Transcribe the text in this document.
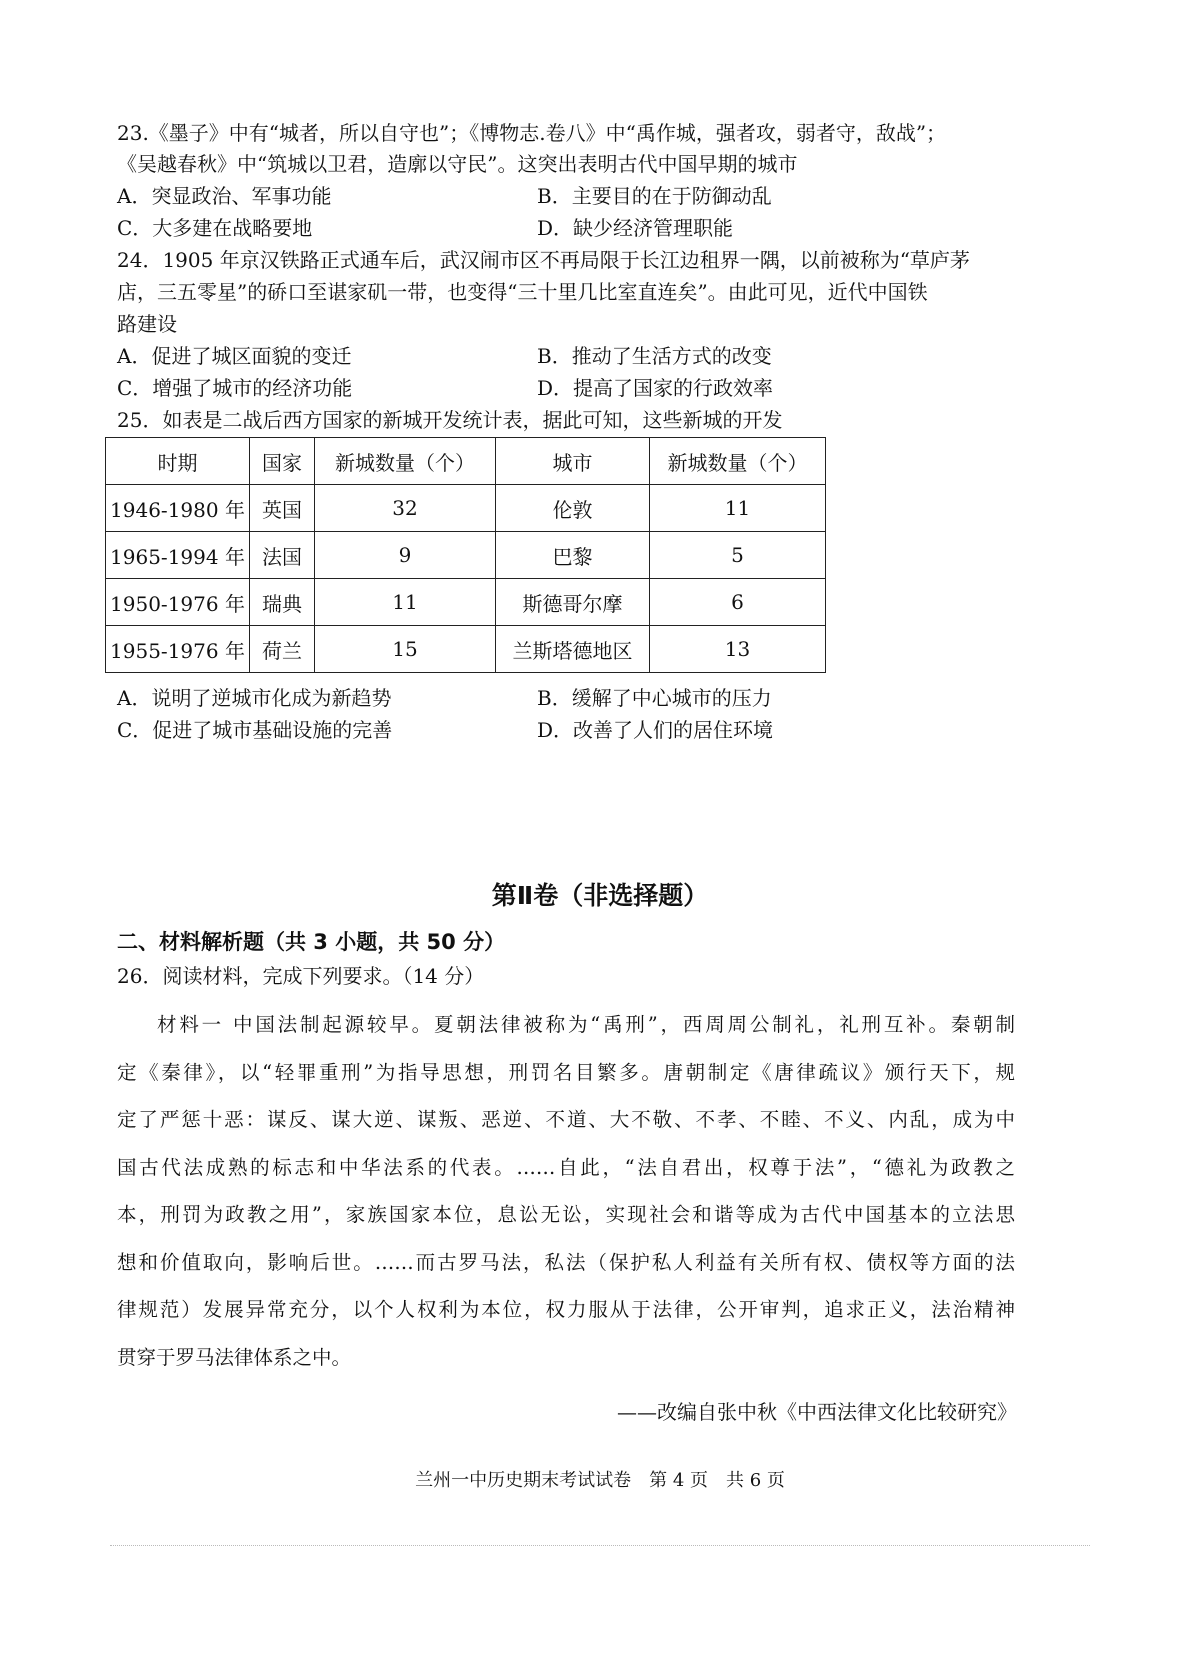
23.《墨子》中有“城者，所以自守也”；《博物志.卷八》中“禹作城，强者攻，弱者守，敌战”；
《吴越春秋》中“筑城以卫君，造廓以守民”。这突出表明古代中国早期的城市
A．突显政治、军事功能	B．主要目的在于防御动乱
C．大多建在战略要地	D．缺少经济管理职能
24．1905 年京汉铁路正式通车后，武汉闹市区不再局限于长江边租界一隅，以前被称为“草庐茅
店，三五零星”的硚口至谌家矶一带，也变得“三十里几比室直连矣”。由此可见，近代中国铁
路建设
A．促进了城区面貌的变迁	B．推动了生活方式的改变
C．增强了城市的经济功能	D．提高了国家的行政效率
25．如表是二战后西方国家的新城开发统计表，据此可知，这些新城的开发
时期	国家	新城数量（个）	城市	新城数量（个）
1946-1980 年	英国	32	伦敦	11
1965-1994 年	法国	9	巴黎	5
1950-1976 年	瑞典	11	斯德哥尔摩	6
1955-1976 年	荷兰	15	兰斯塔德地区	13
A．说明了逆城市化成为新趋势	B．缓解了中心城市的压力
C．促进了城市基础设施的完善	D．改善了人们的居住环境
第Ⅱ卷（非选择题）
二、材料解析题（共 3 小题，共 50 分）
26．阅读材料，完成下列要求。（14 分）
材料一 中国法制起源较早。夏朝法律被称为“禹刑”，西周周公制礼，礼刑互补。秦朝制
定《秦律》，以“轻罪重刑”为指导思想，刑罚名目繁多。唐朝制定《唐律疏议》颁行天下，规
定了严惩十恶：谋反、谋大逆、谋叛、恶逆、不道、大不敬、不孝、不睦、不义、内乱，成为中
国古代法成熟的标志和中华法系的代表。……自此，“法自君出，权尊于法”，“德礼为政教之
本，刑罚为政教之用”，家族国家本位，息讼无讼，实现社会和谐等成为古代中国基本的立法思
想和价值取向，影响后世。……而古罗马法，私法（保护私人利益有关所有权、债权等方面的法
律规范）发展异常充分，以个人权利为本位，权力服从于法律，公开审判，追求正义，法治精神
贯穿于罗马法律体系之中。
——改编自张中秋《中西法律文化比较研究》
兰州一中历史期末考试试卷　第 4 页　共 6 页
